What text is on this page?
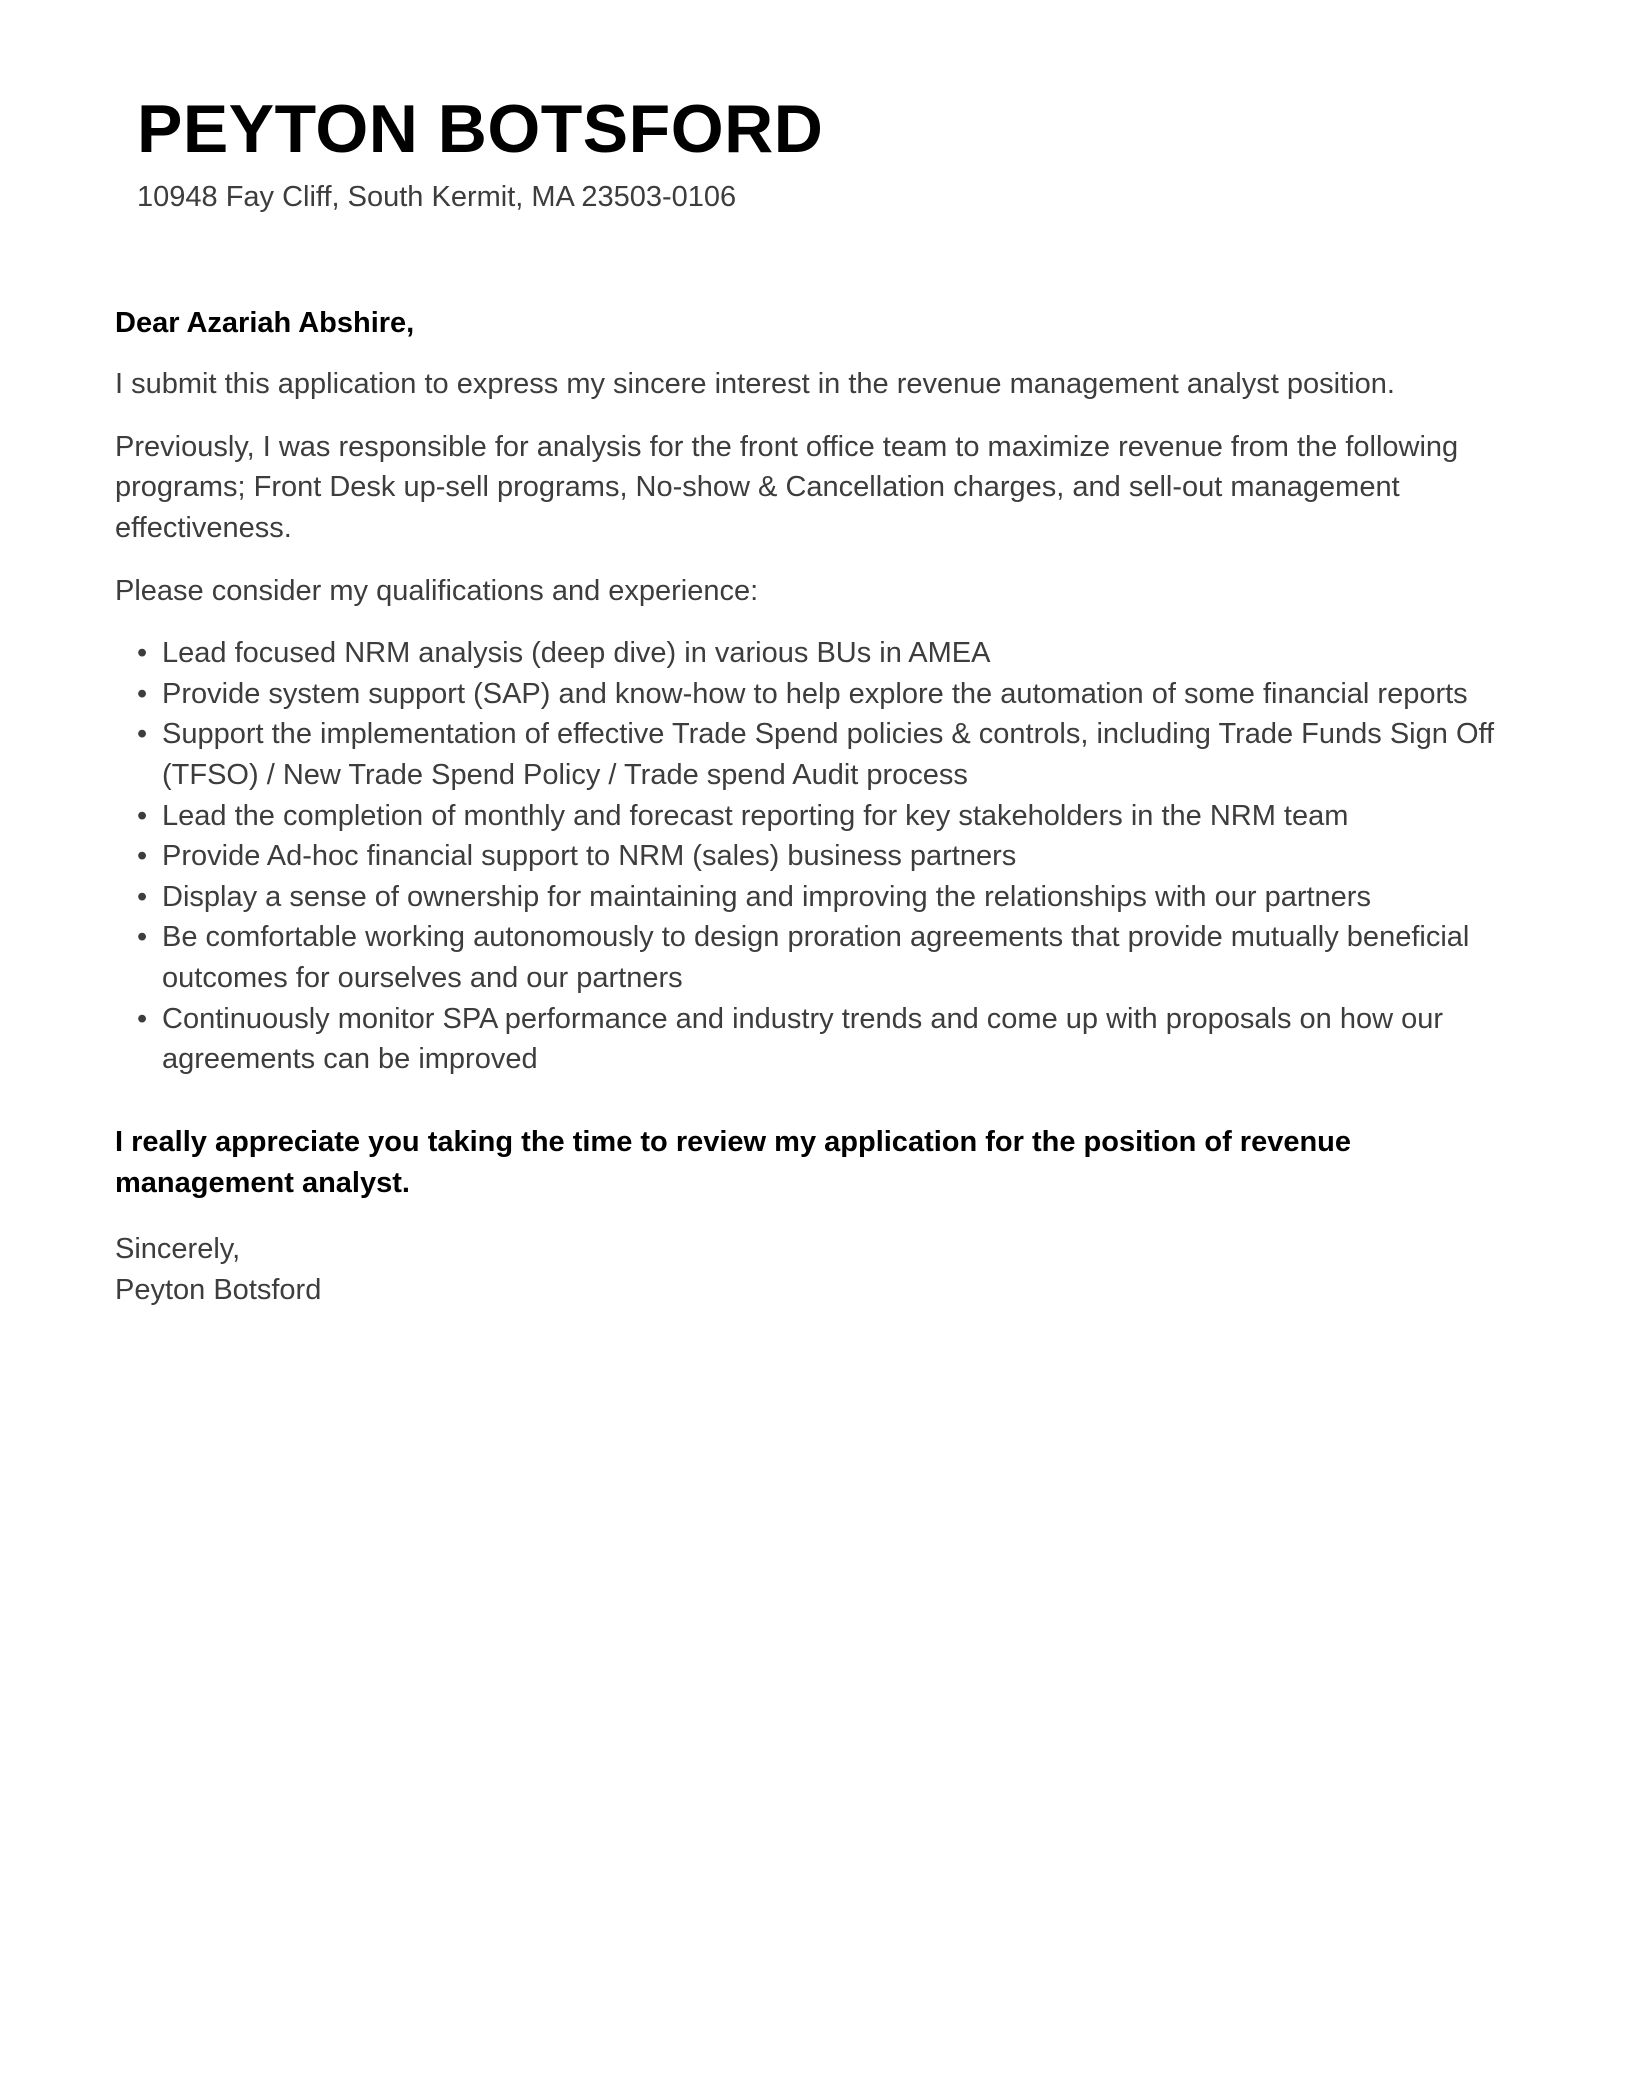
PEYTON BOTSFORD
10948 Fay Cliff, South Kermit, MA 23503-0106
Dear Azariah Abshire,

I submit this application to express my sincere interest in the revenue management analyst position.

Previously, I was responsible for analysis for the front office team to maximize revenue from the following programs; Front Desk up-sell programs, No-show & Cancellation charges, and sell-out management effectiveness.

Please consider my qualifications and experience:

• Lead focused NRM analysis (deep dive) in various BUs in AMEA
• Provide system support (SAP) and know-how to help explore the automation of some financial reports
• Support the implementation of effective Trade Spend policies & controls, including Trade Funds Sign Off (TFSO) / New Trade Spend Policy / Trade spend Audit process
• Lead the completion of monthly and forecast reporting for key stakeholders in the NRM team
• Provide Ad-hoc financial support to NRM (sales) business partners
• Display a sense of ownership for maintaining and improving the relationships with our partners
• Be comfortable working autonomously to design proration agreements that provide mutually beneficial outcomes for ourselves and our partners
• Continuously monitor SPA performance and industry trends and come up with proposals on how our agreements can be improved

I really appreciate you taking the time to review my application for the position of revenue management analyst.

Sincerely,
Peyton Botsford
